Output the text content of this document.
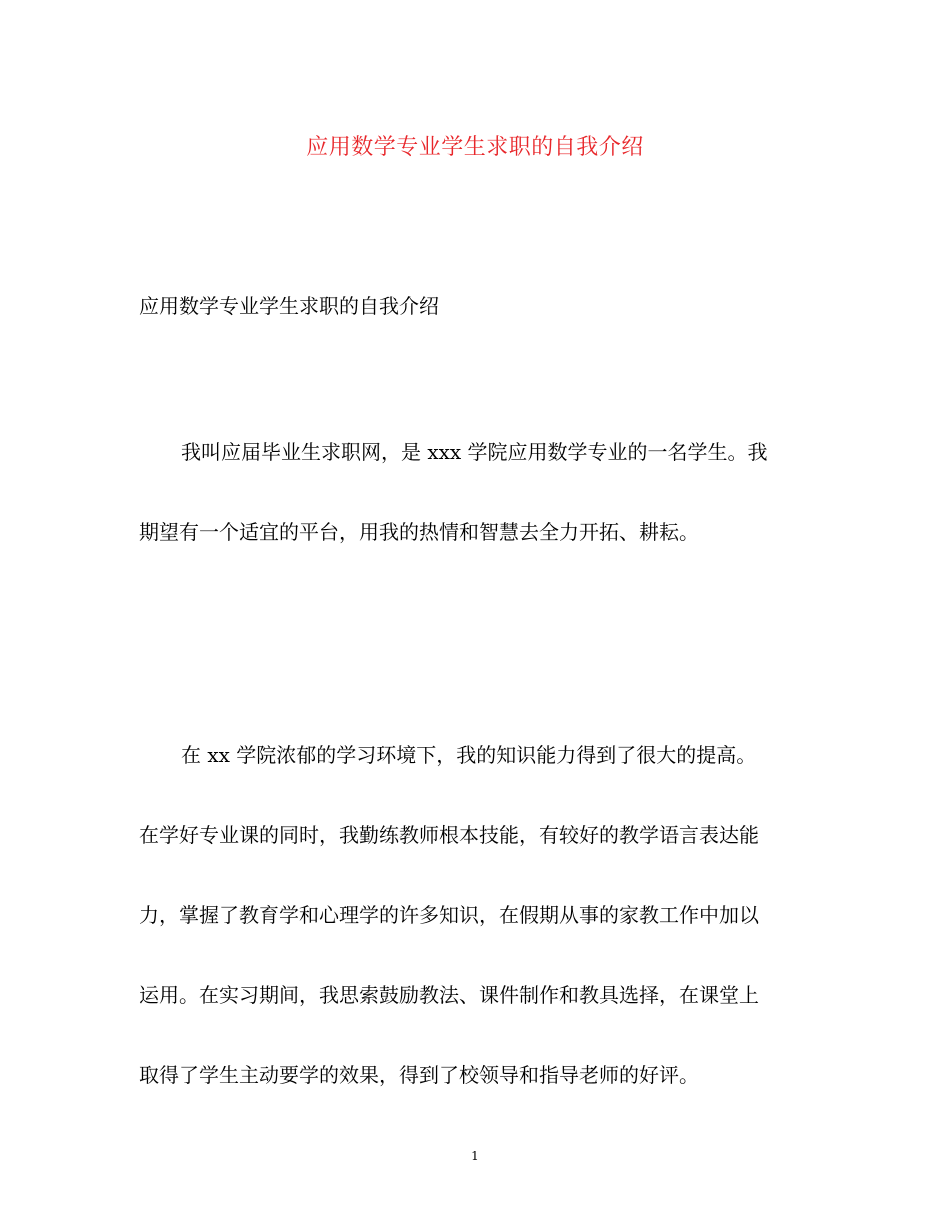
应用数学专业学生求职的自我介绍
应用数学专业学生求职的自我介绍
我叫应届毕业生求职网，是 xxx 学院应用数学专业的一名学生。我
期望有一个适宜的平台，用我的热情和智慧去全力开拓、耕耘。
在 xx 学院浓郁的学习环境下，我的知识能力得到了很大的提高。
在学好专业课的同时，我勤练教师根本技能，有较好的教学语言表达能
力，掌握了教育学和心理学的许多知识，在假期从事的家教工作中加以
运用。在实习期间，我思索鼓励教法、课件制作和教具选择，在课堂上
取得了学生主动要学的效果，得到了校领导和指导老师的好评。
1
